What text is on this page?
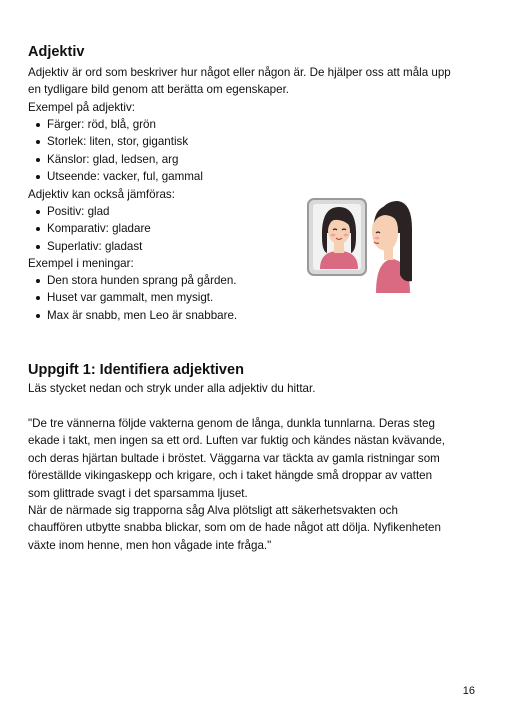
Adjektiv

Adjektiv är ord som beskriver hur något eller någon är. De hjälper oss att måla upp
en tydligare bild genom att berätta om egenskaper.

Exempel på adjektiv:

Färger: röd, blå, grön
Storlek: liten, stor, gigantisk
Känslor: glad, ledsen, arg
Utseende: vacker, ful, gammal

Adjektiv kan också jämföras:

Positiv: glad
Komparativ: gladare
Superlativ: gladast

Exempel i meningar:

Den stora hunden sprang på gården.
Huset var gammalt, men mysigt.
Max är snabb, men Leo är snabbare.
Uppgift 1: Identifiera adjektiven

Läs stycket nedan och stryk under alla adjektiv du hittar.

"De tre vännerna följde vakterna genom de långa, dunkla tunnlarna. Deras steg
ekade i takt, men ingen sa ett ord. Luften var fuktig och kändes nästan kvävande,
och deras hjärtan bultade i bröstet. Väggarna var täckta av gamla ristningar som
föreställde vikingaskepp och krigare, och i taket hängde små droppar av vatten
som glittrade svagt i det sparsamma ljuset.
När de närmade sig trapporna såg Alva plötsligt att säkerhetsvakten och
chauffören utbytte snabba blickar, som om de hade något att dölja. Nyfikenheten
växte inom henne, men hon vågade inte fråga."

16
